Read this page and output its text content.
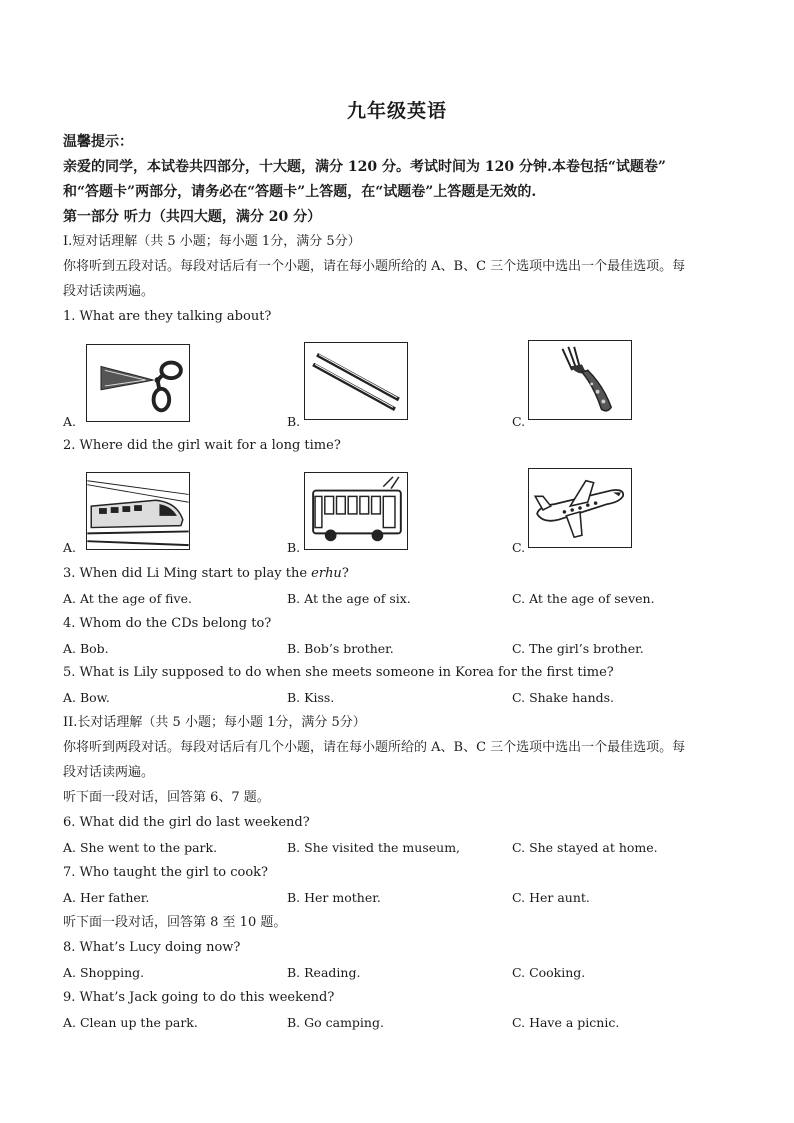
九年级英语
温馨提示：
亲爱的同学，本试卷共四部分，十大题，满分 120 分。考试时间为 120 分钟.本卷包括“试题卷”
和“答题卡”两部分，请务必在“答题卡”上答题，在“试题卷”上答题是无效的.
第一部分 听力（共四大题，满分 20 分）
I.短对话理解（共 5 小题；每小题 1分，满分 5分）
你将听到五段对话。每段对话后有一个小题，请在每小题所给的 A、B、C 三个选项中选出一个最佳选项。每
段对话读两遍。
1. What are they talking about?
A.	B.	C.
2. Where did the girl wait for a long time?
A.	B.	C.
3. When did Li Ming start to play the erhu?
A. At the age of five.	B. At the age of six.	C. At the age of seven.
4. Whom do the CDs belong to?
A. Bob.	B. Bob’s brother.	C. The girl’s brother.
5. What is Lily supposed to do when she meets someone in Korea for the first time?
A. Bow.	B. Kiss.	C. Shake hands.
II.长对话理解（共 5 小题；每小题 1分，满分 5分）
你将听到两段对话。每段对话后有几个小题，请在每小题所给的 A、B、C 三个选项中选出一个最佳选项。每
段对话读两遍。
听下面一段对话，回答第 6、7 题。
6. What did the girl do last weekend?
A. She went to the park.	B. She visited the museum,	C. She stayed at home.
7. Who taught the girl to cook?
A. Her father.	B. Her mother.	C. Her aunt.
听下面一段对话，回答第 8 至 10 题。
8. What’s Lucy doing now?
A. Shopping.	B. Reading.	C. Cooking.
9. What’s Jack going to do this weekend?
A. Clean up the park.	B. Go camping.	C. Have a picnic.
